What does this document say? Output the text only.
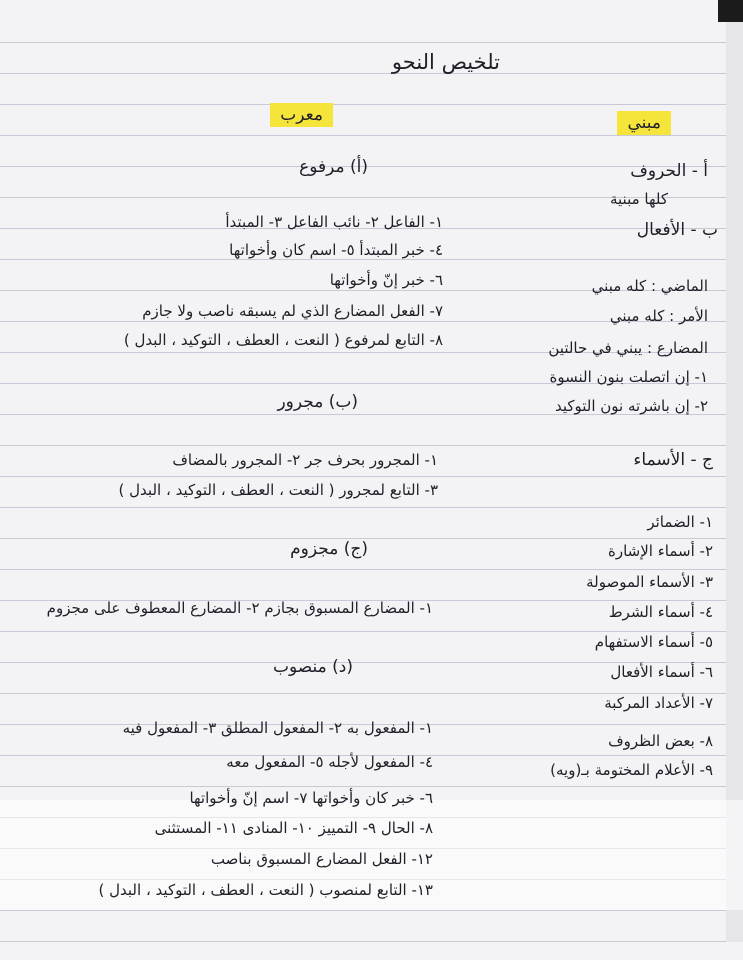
تلخيص النحو
معرب	مبني
أ - الحروف
كلها مبنية
ب - الأفعال
الماضي : كله مبني
الأمر : كله مبني
المضارع : يبني في حالتين
١- إن اتصلت بنون النسوة
٢- إن باشرته نون التوكيد
ج - الأسماء
١- الضمائر
٢- أسماء الإشارة
٣- الأسماء الموصولة
٤- أسماء الشرط
٥- أسماء الاستفهام
٦- أسماء الأفعال
٧- الأعداد المركبة
٨- بعض الظروف
٩- الأعلام المختومة بـ(ويه)
(أ) مرفوع
١- الفاعل ٢- نائب الفاعل ٣- المبتدأ
٤- خبر المبتدأ ٥- اسم كان وأخواتها
٦- خبر إنّ وأخواتها
٧- الفعل المضارع الذي لم يسبقه ناصب ولا جازم
٨- التابع لمرفوع ( النعت ، العطف ، التوكيد ، البدل )
(ب) مجرور
١- المجرور بحرف جر ٢- المجرور بالمضاف
٣- التابع لمجرور ( النعت ، العطف ، التوكيد ، البدل )
(ج) مجزوم
١- المضارع المسبوق بجازم ٢- المضارع المعطوف على مجزوم
(د) منصوب
١- المفعول به ٢- المفعول المطلق ٣- المفعول فيه
٤- المفعول لأجله ٥- المفعول معه
٦- خبر كان وأخواتها ٧- اسم إنّ وأخواتها
٨- الحال ٩- التمييز ١٠- المنادى ١١- المستثنى
١٢- الفعل المضارع المسبوق بناصب
١٣- التابع لمنصوب ( النعت ، العطف ، التوكيد ، البدل )
